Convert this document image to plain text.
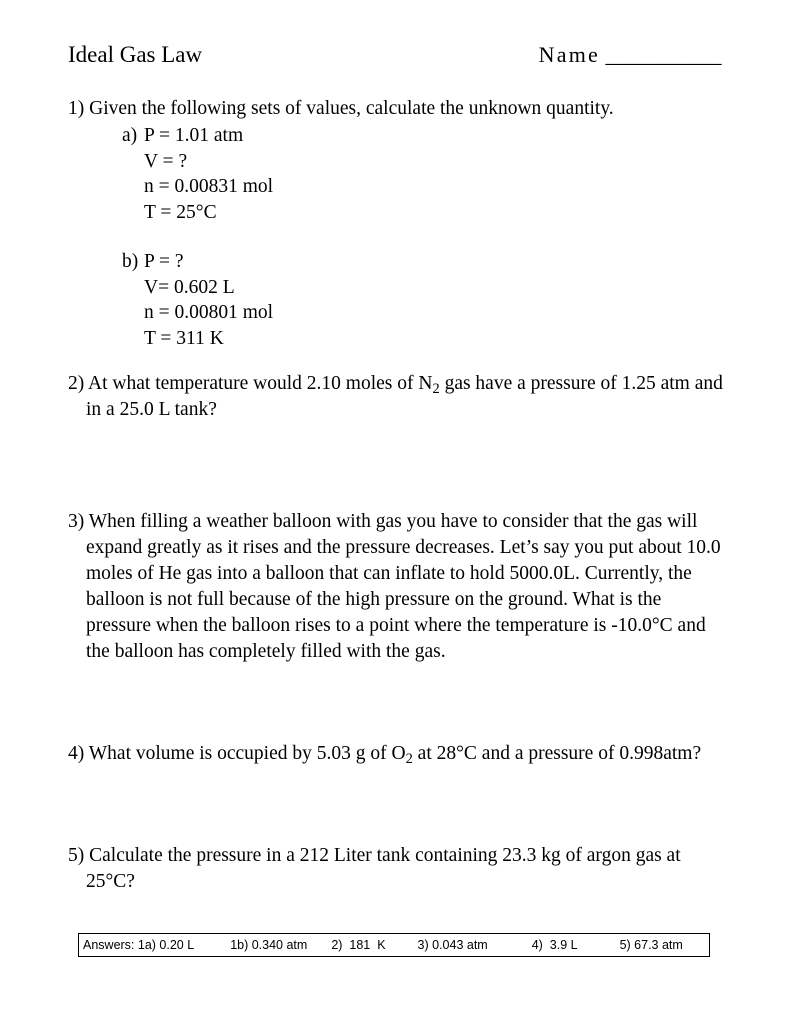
Ideal Gas Law	Name ___________

1) Given the following sets of values, calculate the unknown quantity.

a) P = 1.01 atm
V = ?
n = 0.00831 mol
T = 25°C
b) P = ?
V= 0.602 L
n = 0.00801 mol
T = 311 K

2) At what temperature would 2.10 moles of $N_2$ gas have a pressure of 1.25 atm and in a 25.0 L tank?

3) When filling a weather balloon with gas you have to consider that the gas will expand greatly as it rises and the pressure decreases. Let’s say you put about 10.0 moles of He gas into a balloon that can inflate to hold 5000.0L. Currently, the balloon is not full because of the high pressure on the ground. What is the pressure when the balloon rises to a point where the temperature is -10.0°C and the balloon has completely filled with the gas.

4) What volume is occupied by 5.03 g of $O_2$ at 28°C and a pressure of 0.998atm?

5) Calculate the pressure in a 212 Liter tank containing 23.3 kg of argon gas at 25°C?

Answers:
1a) 0.20 L	1b) 0.340 atm 2)  181  K	3) 0.043 atm	4)  3.9 L	5) 67.3 atm
